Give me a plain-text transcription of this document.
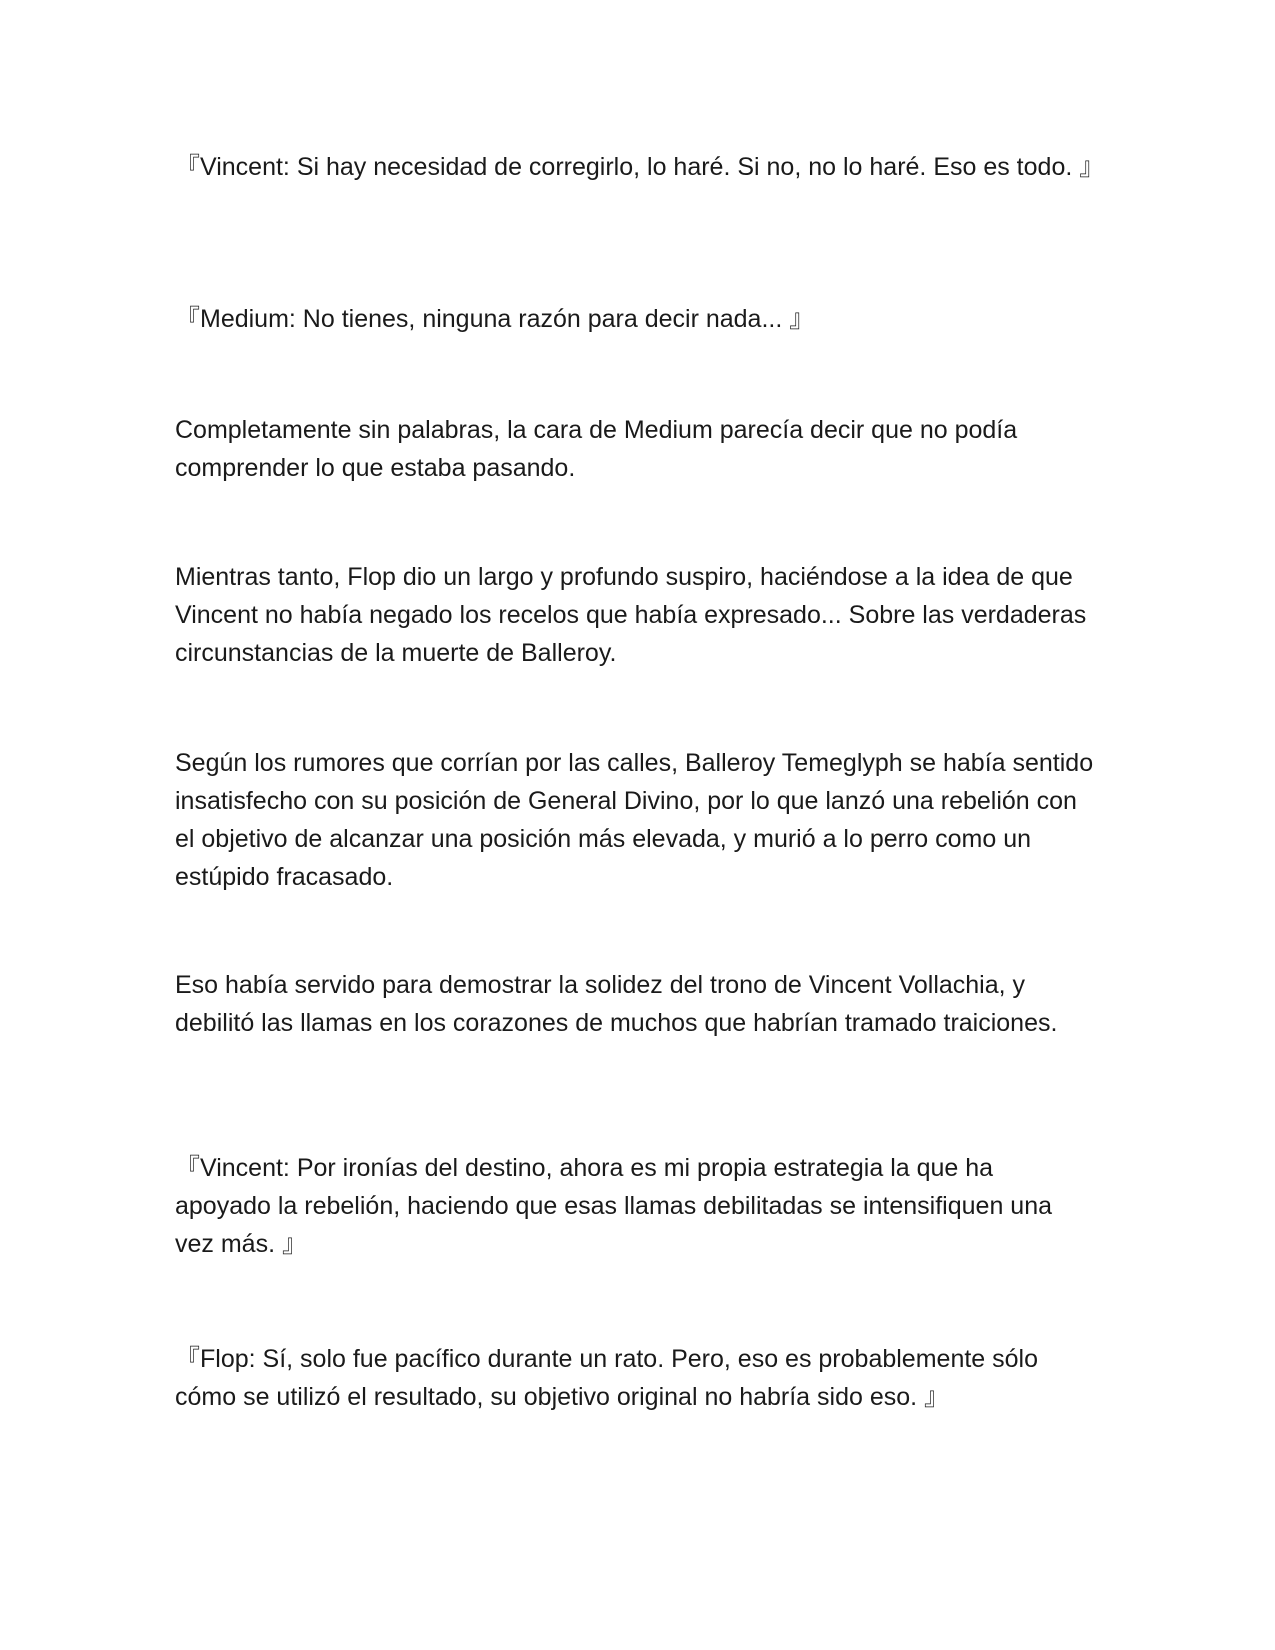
『Vincent: Si hay necesidad de corregirlo, lo haré. Si no, no lo haré. Eso es todo. 』

『Medium: No tienes, ninguna razón para decir nada... 』

Completamente sin palabras, la cara de Medium parecía decir que no podía comprender lo que estaba pasando.

Mientras tanto, Flop dio un largo y profundo suspiro, haciéndose a la idea de que Vincent no había negado los recelos que había expresado... Sobre las verdaderas circunstancias de la muerte de Balleroy.

Según los rumores que corrían por las calles, Balleroy Temeglyph se había sentido insatisfecho con su posición de General Divino, por lo que lanzó una rebelión con el objetivo de alcanzar una posición más elevada, y murió a lo perro como un estúpido fracasado.

Eso había servido para demostrar la solidez del trono de Vincent Vollachia, y debilitó las llamas en los corazones de muchos que habrían tramado traiciones.

『Vincent: Por ironías del destino, ahora es mi propia estrategia la que ha apoyado la rebelión, haciendo que esas llamas debilitadas se intensifiquen una vez más. 』

『Flop: Sí, solo fue pacífico durante un rato. Pero, eso es probablemente sólo cómo se utilizó el resultado, su objetivo original no habría sido eso. 』
